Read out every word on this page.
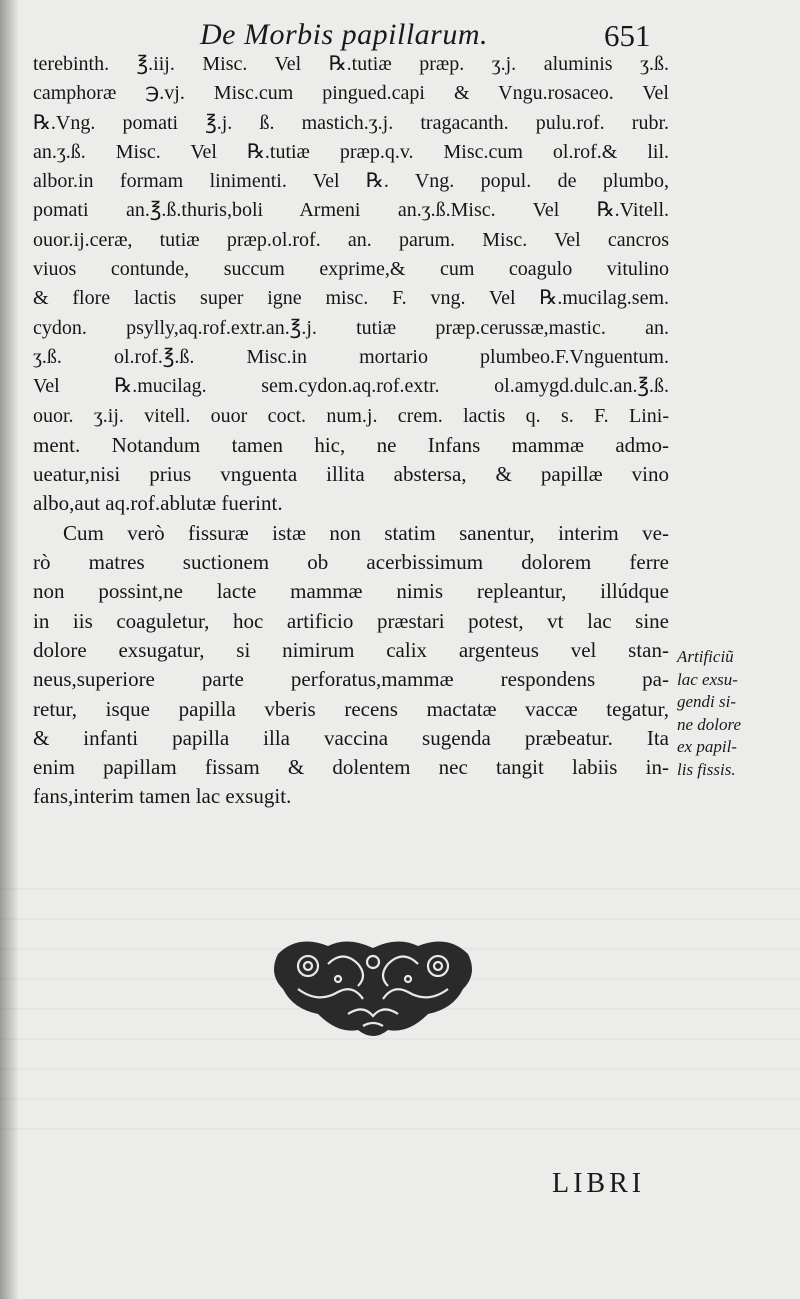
De Morbis papillarum.	651
terebinth. ℥.iij. Misc. Vel ℞.tutiæ præp. ʒ.j. aluminis ʒ.ß.
camphoræ ℈.vj. Misc.cum pingued.capi & Vngu.rosaceo. Vel
℞.Vng. pomati ℥.j. ß. mastich.ʒ.j. tragacanth. pulu.rof. rubr.
an.ʒ.ß. Misc. Vel ℞.tutiæ præp.q.v. Misc.cum ol.rof.& lil.
albor.in formam linimenti. Vel ℞. Vng. popul. de plumbo,
pomati an.℥.ß.thuris,boli Armeni an.ʒ.ß.Misc. Vel ℞.Vitell.
ouor.ij.ceræ, tutiæ præp.ol.rof. an. parum. Misc. Vel cancros
viuos contunde, succum exprime,& cum coagulo vitulino
& flore lactis super igne misc. F. vng. Vel ℞.mucilag.sem.
cydon. psylly,aq.rof.extr.an.℥.j. tutiæ præp.cerussæ,mastic. an.
ʒ.ß. ol.rof.℥.ß. Misc.in mortario plumbeo.F.Vnguentum.
Vel ℞.mucilag. sem.cydon.aq.rof.extr. ol.amygd.dulc.an.℥.ß.
ouor. ʒ.ij. vitell. ouor coct. num.j. crem. lactis q. s. F. Lini-
ment. Notandum tamen hic, ne Infans mammæ admo-
ueatur,nisi prius vnguenta illita abstersa, & papillæ vino
albo,aut aq.rof.ablutæ fuerint.
Cum verò fissuræ istæ non statim sanentur, interim ve-
rò matres suctionem ob acerbissimum dolorem ferre
non possint,ne lacte mammæ nimis repleantur, illúdque
in iis coaguletur, hoc artificio præstari potest, vt lac sine
dolore exsugatur, si nimirum calix argenteus vel stan-
neus,superiore parte perforatus,mammæ respondens pa-
retur, isque papilla vberis recens mactatæ vaccæ tegatur,
& infanti papilla illa vaccina sugenda præbeatur. Ita
enim papillam fissam & dolentem nec tangit labiis in-
fans,interim tamen lac exsugit.
Artificiũ
lac exsu-
gendi si-
ne dolore
ex papil-
lis fissis.
LIBRI
